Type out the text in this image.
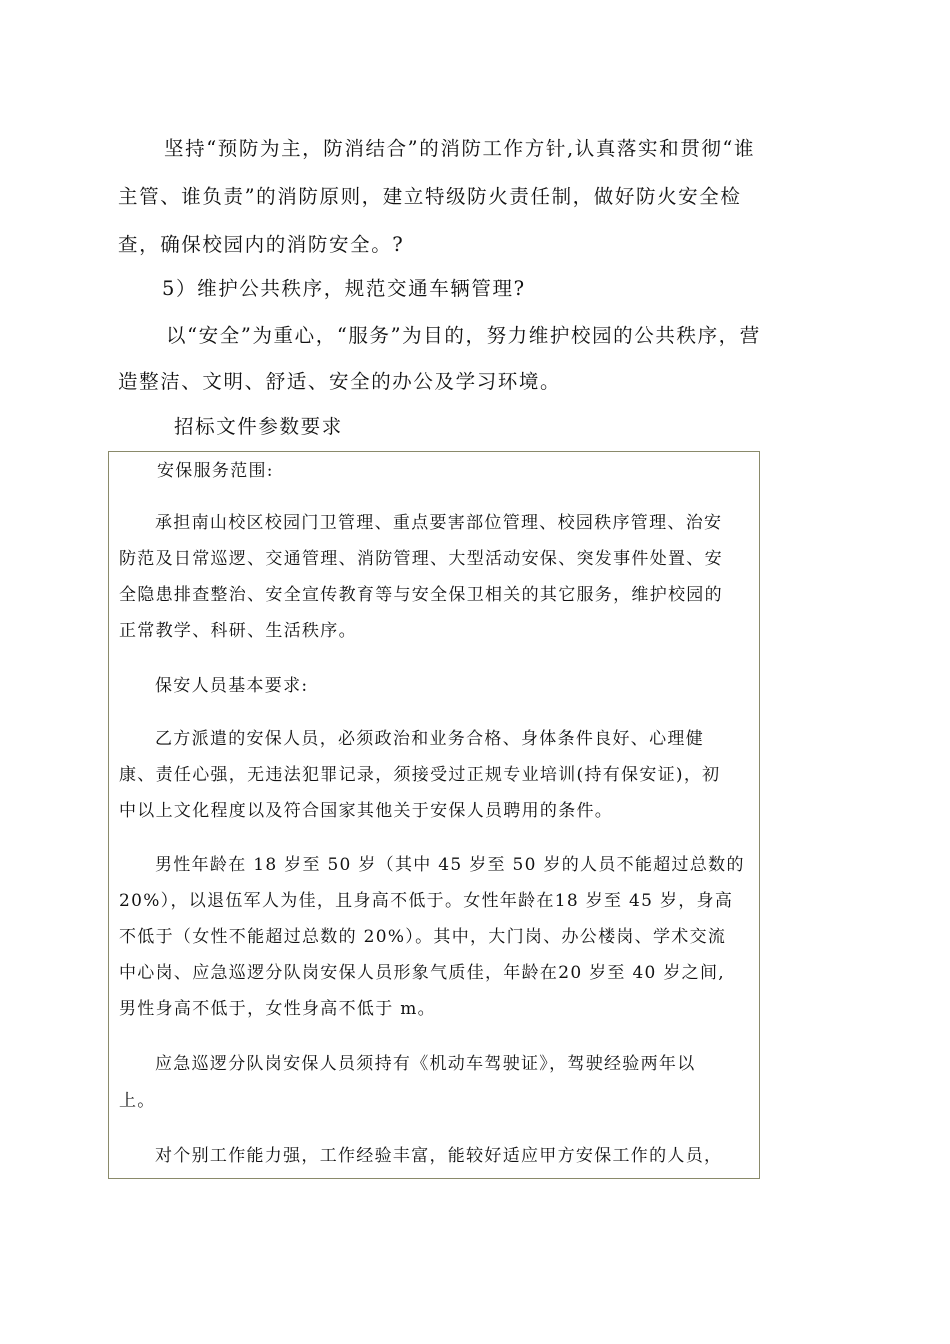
坚持“预防为主，防消结合”的消防工作方针,认真落实和贯彻“谁
主管、谁负责”的消防原则，建立特级防火责任制，做好防火安全检
查，确保校园内的消防安全。?
5）维护公共秩序，规范交通车辆管理?
以“安全”为重心，“服务”为目的，努力维护校园的公共秩序，营
造整洁、文明、舒适、安全的办公及学习环境。
招标文件参数要求
安保服务范围:
承担南山校区校园门卫管理、重点要害部位管理、校园秩序管理、治安
防范及日常巡逻、交通管理、消防管理、大型活动安保、突发事件处置、安
全隐患排查整治、安全宣传教育等与安全保卫相关的其它服务，维护校园的
正常教学、科研、生活秩序。
保安人员基本要求:
乙方派遣的安保人员，必须政治和业务合格、身体条件良好、心理健
康、责任心强，无违法犯罪记录，须接受过正规专业培训(持有保安证)，初
中以上文化程度以及符合国家其他关于安保人员聘用的条件。
男性年龄在 18 岁至 50 岁（其中 45 岁至 50 岁的人员不能超过总数的
20%），以退伍军人为佳，且身高不低于。女性年龄在18 岁至 45 岁，身高
不低于（女性不能超过总数的 20%）。其中，大门岗、办公楼岗、学术交流
中心岗、应急巡逻分队岗安保人员形象气质佳，年龄在20 岁至 40 岁之间,
男性身高不低于，女性身高不低于 m。
应急巡逻分队岗安保人员须持有《机动车驾驶证》，驾驶经验两年以
上。
对个别工作能力强，工作经验丰富，能较好适应甲方安保工作的人员，
